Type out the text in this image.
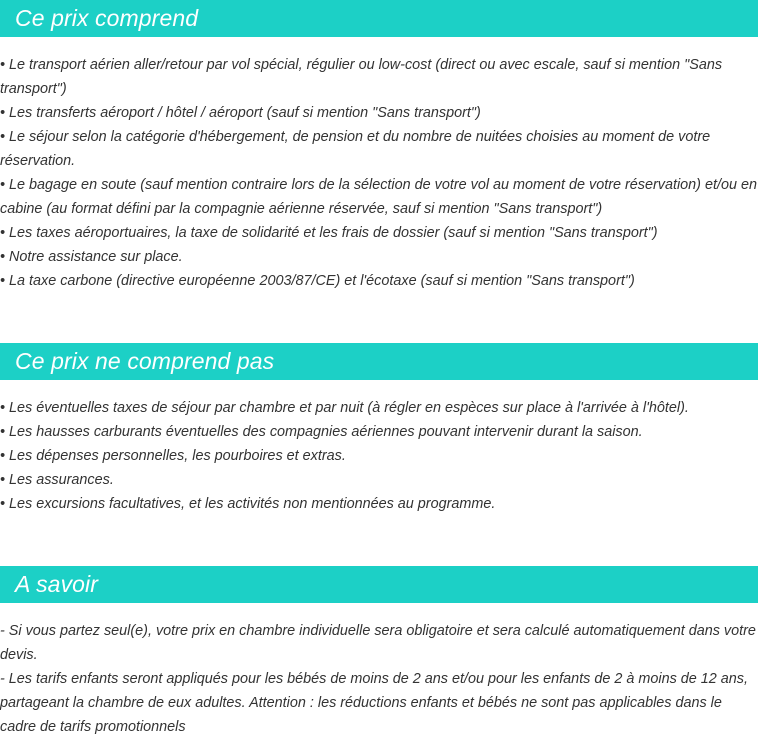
Ce prix comprend
• Le transport aérien aller/retour par vol spécial, régulier ou low-cost (direct ou avec escale, sauf si mention "Sans transport")
• Les transferts aéroport / hôtel / aéroport (sauf si mention "Sans transport")
• Le séjour selon la catégorie d'hébergement, de pension et du nombre de nuitées choisies au moment de votre réservation.
• Le bagage en soute (sauf mention contraire lors de la sélection de votre vol au moment de votre réservation) et/ou en cabine (au format défini par la compagnie aérienne réservée, sauf si mention "Sans transport")
• Les taxes aéroportuaires, la taxe de solidarité et les frais de dossier (sauf si mention "Sans transport")
• Notre assistance sur place.
• La taxe carbone (directive européenne 2003/87/CE) et l'écotaxe (sauf si mention "Sans transport")
Ce prix ne comprend pas
• Les éventuelles taxes de séjour par chambre et par nuit (à régler en espèces sur place à l'arrivée à l'hôtel).
• Les hausses carburants éventuelles des compagnies aériennes pouvant intervenir durant la saison.
• Les dépenses personnelles, les pourboires et extras.
• Les assurances.
• Les excursions facultatives, et les activités non mentionnées au programme.
A savoir
- Si vous partez seul(e), votre prix en chambre individuelle sera obligatoire et sera calculé automatiquement dans votre devis.
- Les tarifs enfants seront appliqués pour les bébés de moins de 2 ans et/ou pour les enfants de 2 à moins de 12 ans, partageant la chambre de eux adultes. Attention : les réductions enfants et bébés ne sont pas applicables dans le cadre de tarifs promotionnels
